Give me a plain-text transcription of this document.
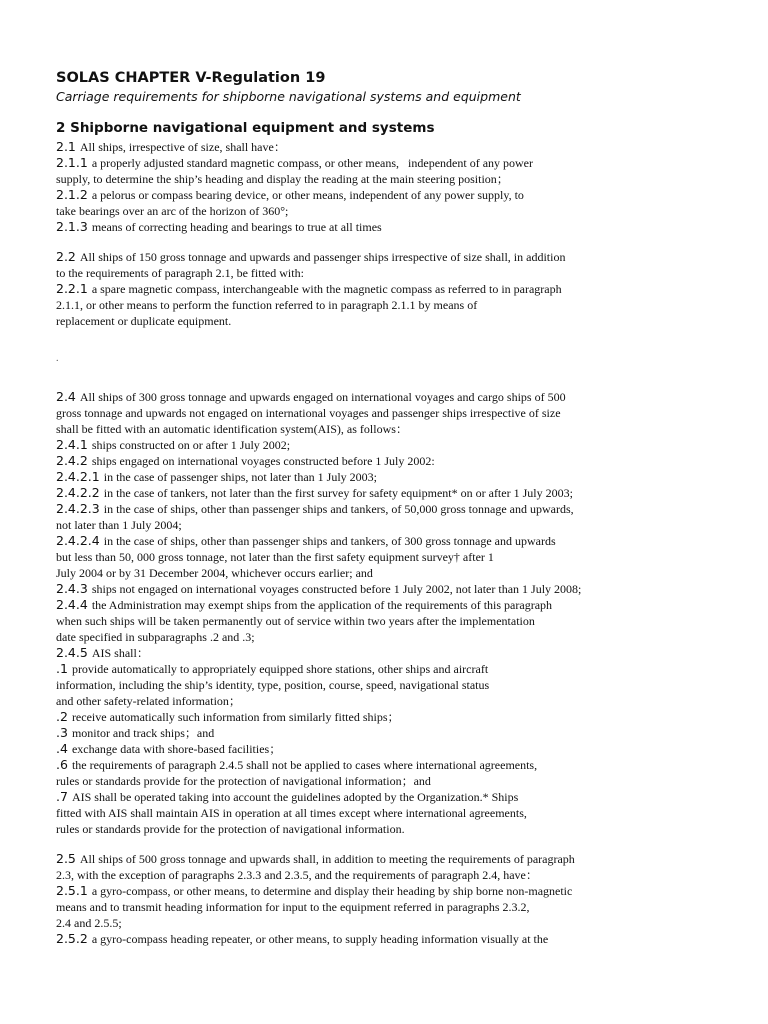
SOLAS CHAPTER V-Regulation 19

Carriage requirements for shipborne navigational systems and equipment

2 Shipborne navigational equipment and systems
2.1 All ships, irrespective of size, shall have：
2.1.1 a properly adjusted standard magnetic compass, or other means,   independent of any power
supply, to determine the ship’s heading and display the reading at the main steering position；
2.1.2 a pelorus or compass bearing device, or other means, independent of any power supply, to
take bearings over an arc of the horizon of 360°;
2.1.3 means of correcting heading and bearings to true at all times
2.2 All ships of 150 gross tonnage and upwards and passenger ships irrespective of size shall, in addition
to the requirements of paragraph 2.1, be fitted with:
2.2.1 a spare magnetic compass, interchangeable with the magnetic compass as referred to in paragraph
2.1.1, or other means to perform the function referred to in paragraph 2.1.1 by means of
replacement or duplicate equipment.
.
2.4 All ships of 300 gross tonnage and upwards engaged on international voyages and cargo ships of 500
gross tonnage and upwards not engaged on international voyages and passenger ships irrespective of size
shall be fitted with an automatic identification system(AIS), as follows：
2.4.1 ships constructed on or after 1 July 2002;
2.4.2 ships engaged on international voyages constructed before 1 July 2002:
2.4.2.1 in the case of passenger ships, not later than 1 July 2003;
2.4.2.2 in the case of tankers, not later than the first survey for safety equipment* on or after 1 July 2003;
2.4.2.3 in the case of ships, other than passenger ships and tankers, of 50,000 gross tonnage and upwards,
not later than 1 July 2004;
2.4.2.4 in the case of ships, other than passenger ships and tankers, of 300 gross tonnage and upwards
but less than 50, 000 gross tonnage, not later than the first safety equipment survey† after 1
July 2004 or by 31 December 2004, whichever occurs earlier; and
2.4.3 ships not engaged on international voyages constructed before 1 July 2002, not later than 1 July 2008;
2.4.4 the Administration may exempt ships from the application of the requirements of this paragraph
when such ships will be taken permanently out of service within two years after the implementation
date specified in subparagraphs .2 and .3;
2.4.5 AIS shall：
.1 provide automatically to appropriately equipped shore stations, other ships and aircraft
information, including the ship’s identity, type, position, course, speed, navigational status
and other safety-related information；
.2 receive automatically such information from similarly fitted ships；
.3 monitor and track ships；and
.4 exchange data with shore-based facilities；
.6 the requirements of paragraph 2.4.5 shall not be applied to cases where international agreements,
rules or standards provide for the protection of navigational information；and
.7 AIS shall be operated taking into account the guidelines adopted by the Organization.* Ships
fitted with AIS shall maintain AIS in operation at all times except where international agreements,
rules or standards provide for the protection of navigational information.
2.5 All ships of 500 gross tonnage and upwards shall, in addition to meeting the requirements of paragraph
2.3, with the exception of paragraphs 2.3.3 and 2.3.5, and the requirements of paragraph 2.4, have：
2.5.1 a gyro-compass, or other means, to determine and display their heading by ship borne non-magnetic
means and to transmit heading information for input to the equipment referred in paragraphs 2.3.2,
2.4 and 2.5.5;
2.5.2 a gyro-compass heading repeater, or other means, to supply heading information visually at the
